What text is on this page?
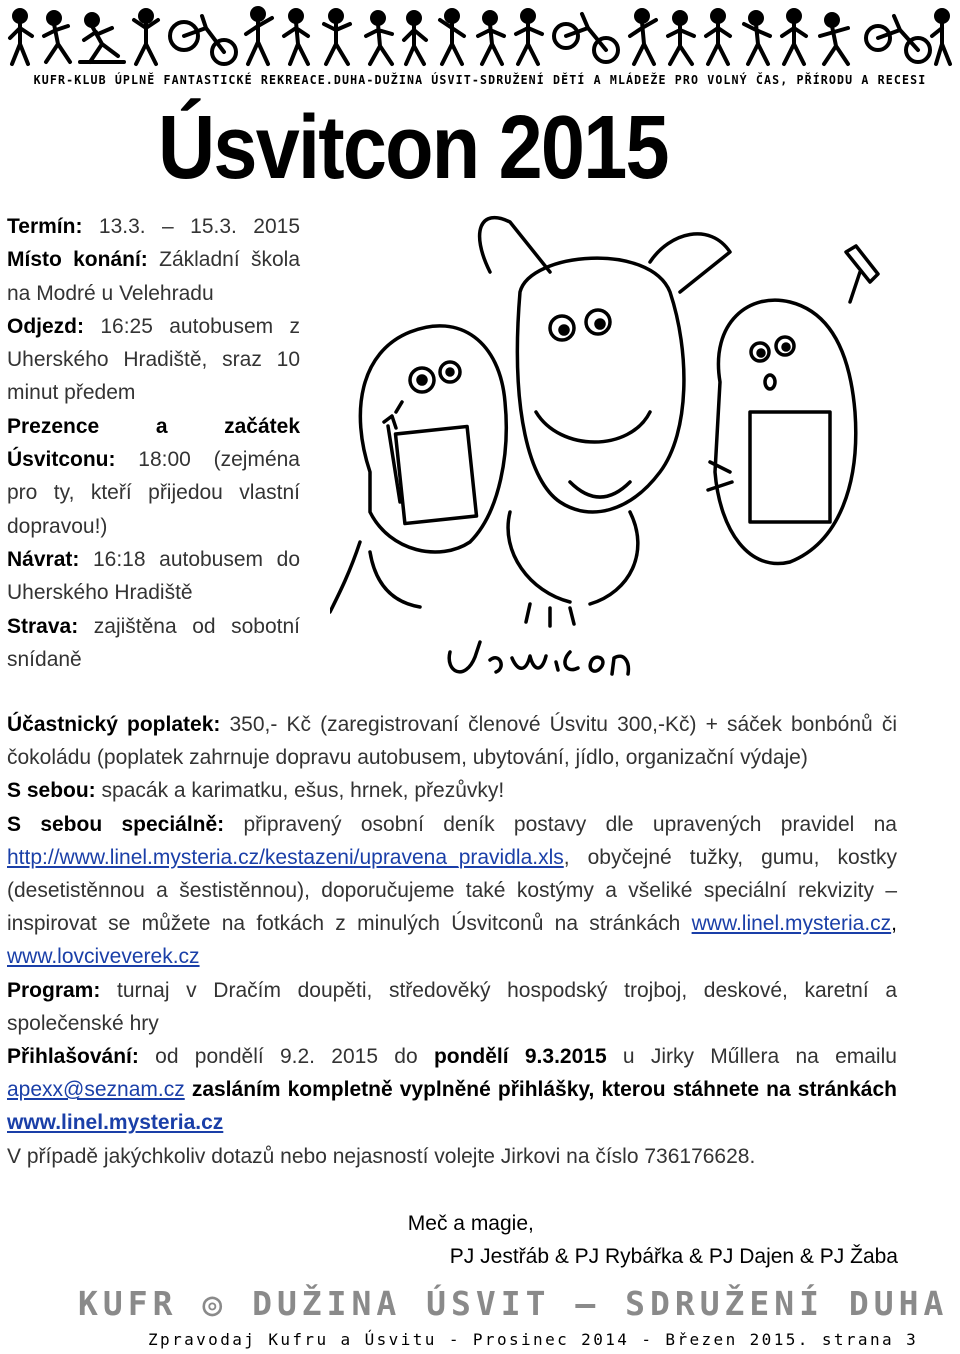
KUFR-KLUB ÚPLNĚ FANTASTICKÉ REKREACE.DUHA-DUŽINA ÚSVIT-SDRUŽENÍ DĚTÍ A MLÁDEŽE PRO VOLNÝ ČAS, PŘÍRODU A RECESI
Úsvitcon 2015

Termín: 13.3. – 15.3. 2015

Místo konání: Základní škola na Modré u Velehradu

Odjezd: 16:25 autobusem z Uherského Hradiště, sraz 10 minut předem

Prezence a začátek Úsvitconu: 18:00 (zejména pro ty, kteří přijedou vlastní dopravou!)

Návrat: 16:18 autobusem do Uherského Hradiště

Strava: zajištěna od sobotní snídaně

Úsvitcon

Účastnický poplatek: 350,- Kč (zaregistrovaní členové Úsvitu 300,-Kč) + sáček bonbónů či čokoládu (poplatek zahrnuje dopravu autobusem, ubytování, jídlo, organizační výdaje)

S sebou: spacák a karimatku, ešus, hrnek, přezůvky!

S sebou speciálně: připravený osobní deník postavy dle upravených pravidel na http://www.linel.mysteria.cz/kestazeni/upravena_pravidla.xls, obyčejné tužky, gumu, kostky (desetistěnnou a šestistěnnou), doporučujeme také kostýmy a všeliké speciální rekvizity – inspirovat se můžete na fotkách z minulých Úsvitconů na stránkách www.linel.mysteria.cz, www.lovciveverek.cz

Program: turnaj v Dračím doupěti, středověký hospodský trojboj, deskové, karetní a společenské hry

Přihlašování: od pondělí 9.2. 2015 do pondělí 9.3.2015 u Jirky Műllera na emailu apexx@seznam.cz zasláním kompletně vyplněné přihlášky, kterou stáhnete na stránkách www.linel.mysteria.cz

V případě jakýchkoliv dotazů nebo nejasností volejte Jirkovi na číslo 736176628.

Meč a magie,
PJ Jestřáb & PJ Rybářka & PJ Dajen & PJ Žaba
KUFR ◎ DUŽINA ÚSVIT – SDRUŽENÍ DUHA
Zpravodaj Kufru a Úsvitu - Prosinec 2014 - Březen 2015. strana 3
